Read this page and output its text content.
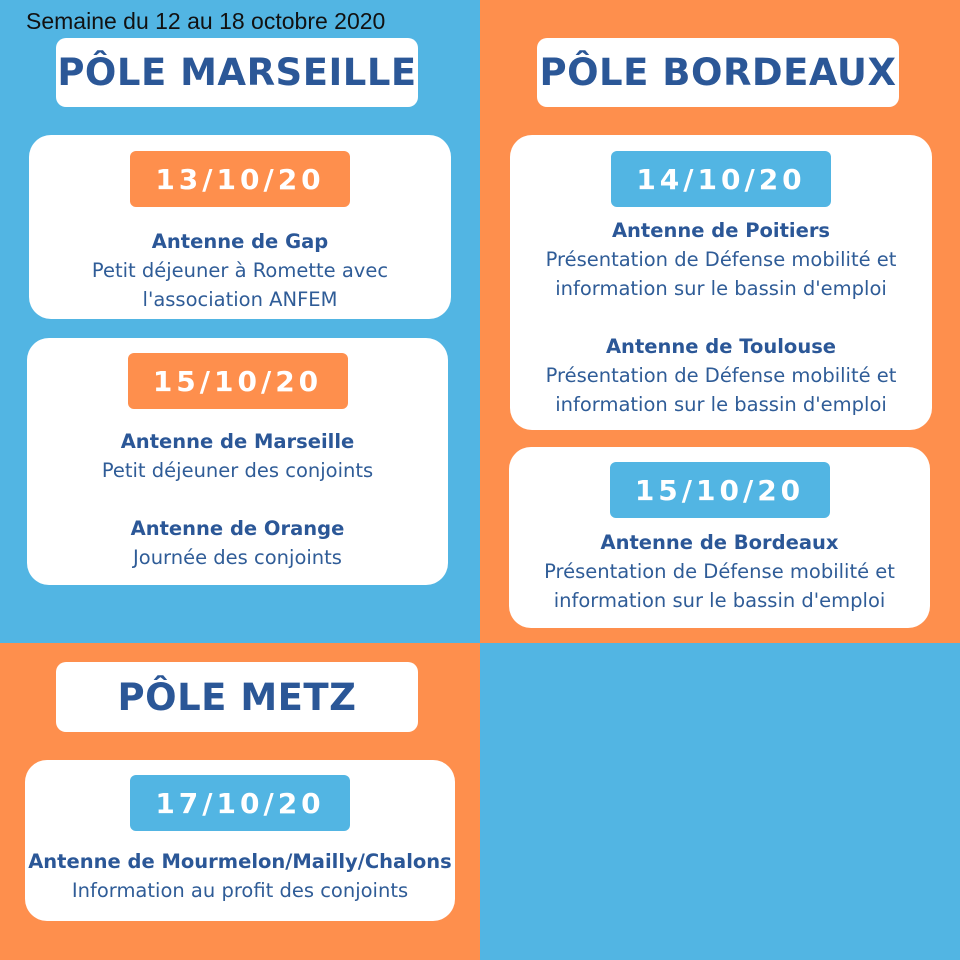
Semaine du 12 au 18 octobre 2020
PÔLE MARSEILLE
13/10/20
Antenne de Gap
Petit déjeuner à Romette avec
l'association ANFEM
15/10/20
Antenne de Marseille
Petit déjeuner des conjoints
Antenne de Orange
Journée des conjoints
PÔLE BORDEAUX
14/10/20
Antenne de Poitiers
Présentation de Défense mobilité et
information sur le bassin d'emploi
Antenne de Toulouse
Présentation de Défense mobilité et
information sur le bassin d'emploi
15/10/20
Antenne de Bordeaux
Présentation de Défense mobilité et
information sur le bassin d'emploi
PÔLE METZ
17/10/20
Antenne de Mourmelon/Mailly/Chalons
Information au profit des conjoints
